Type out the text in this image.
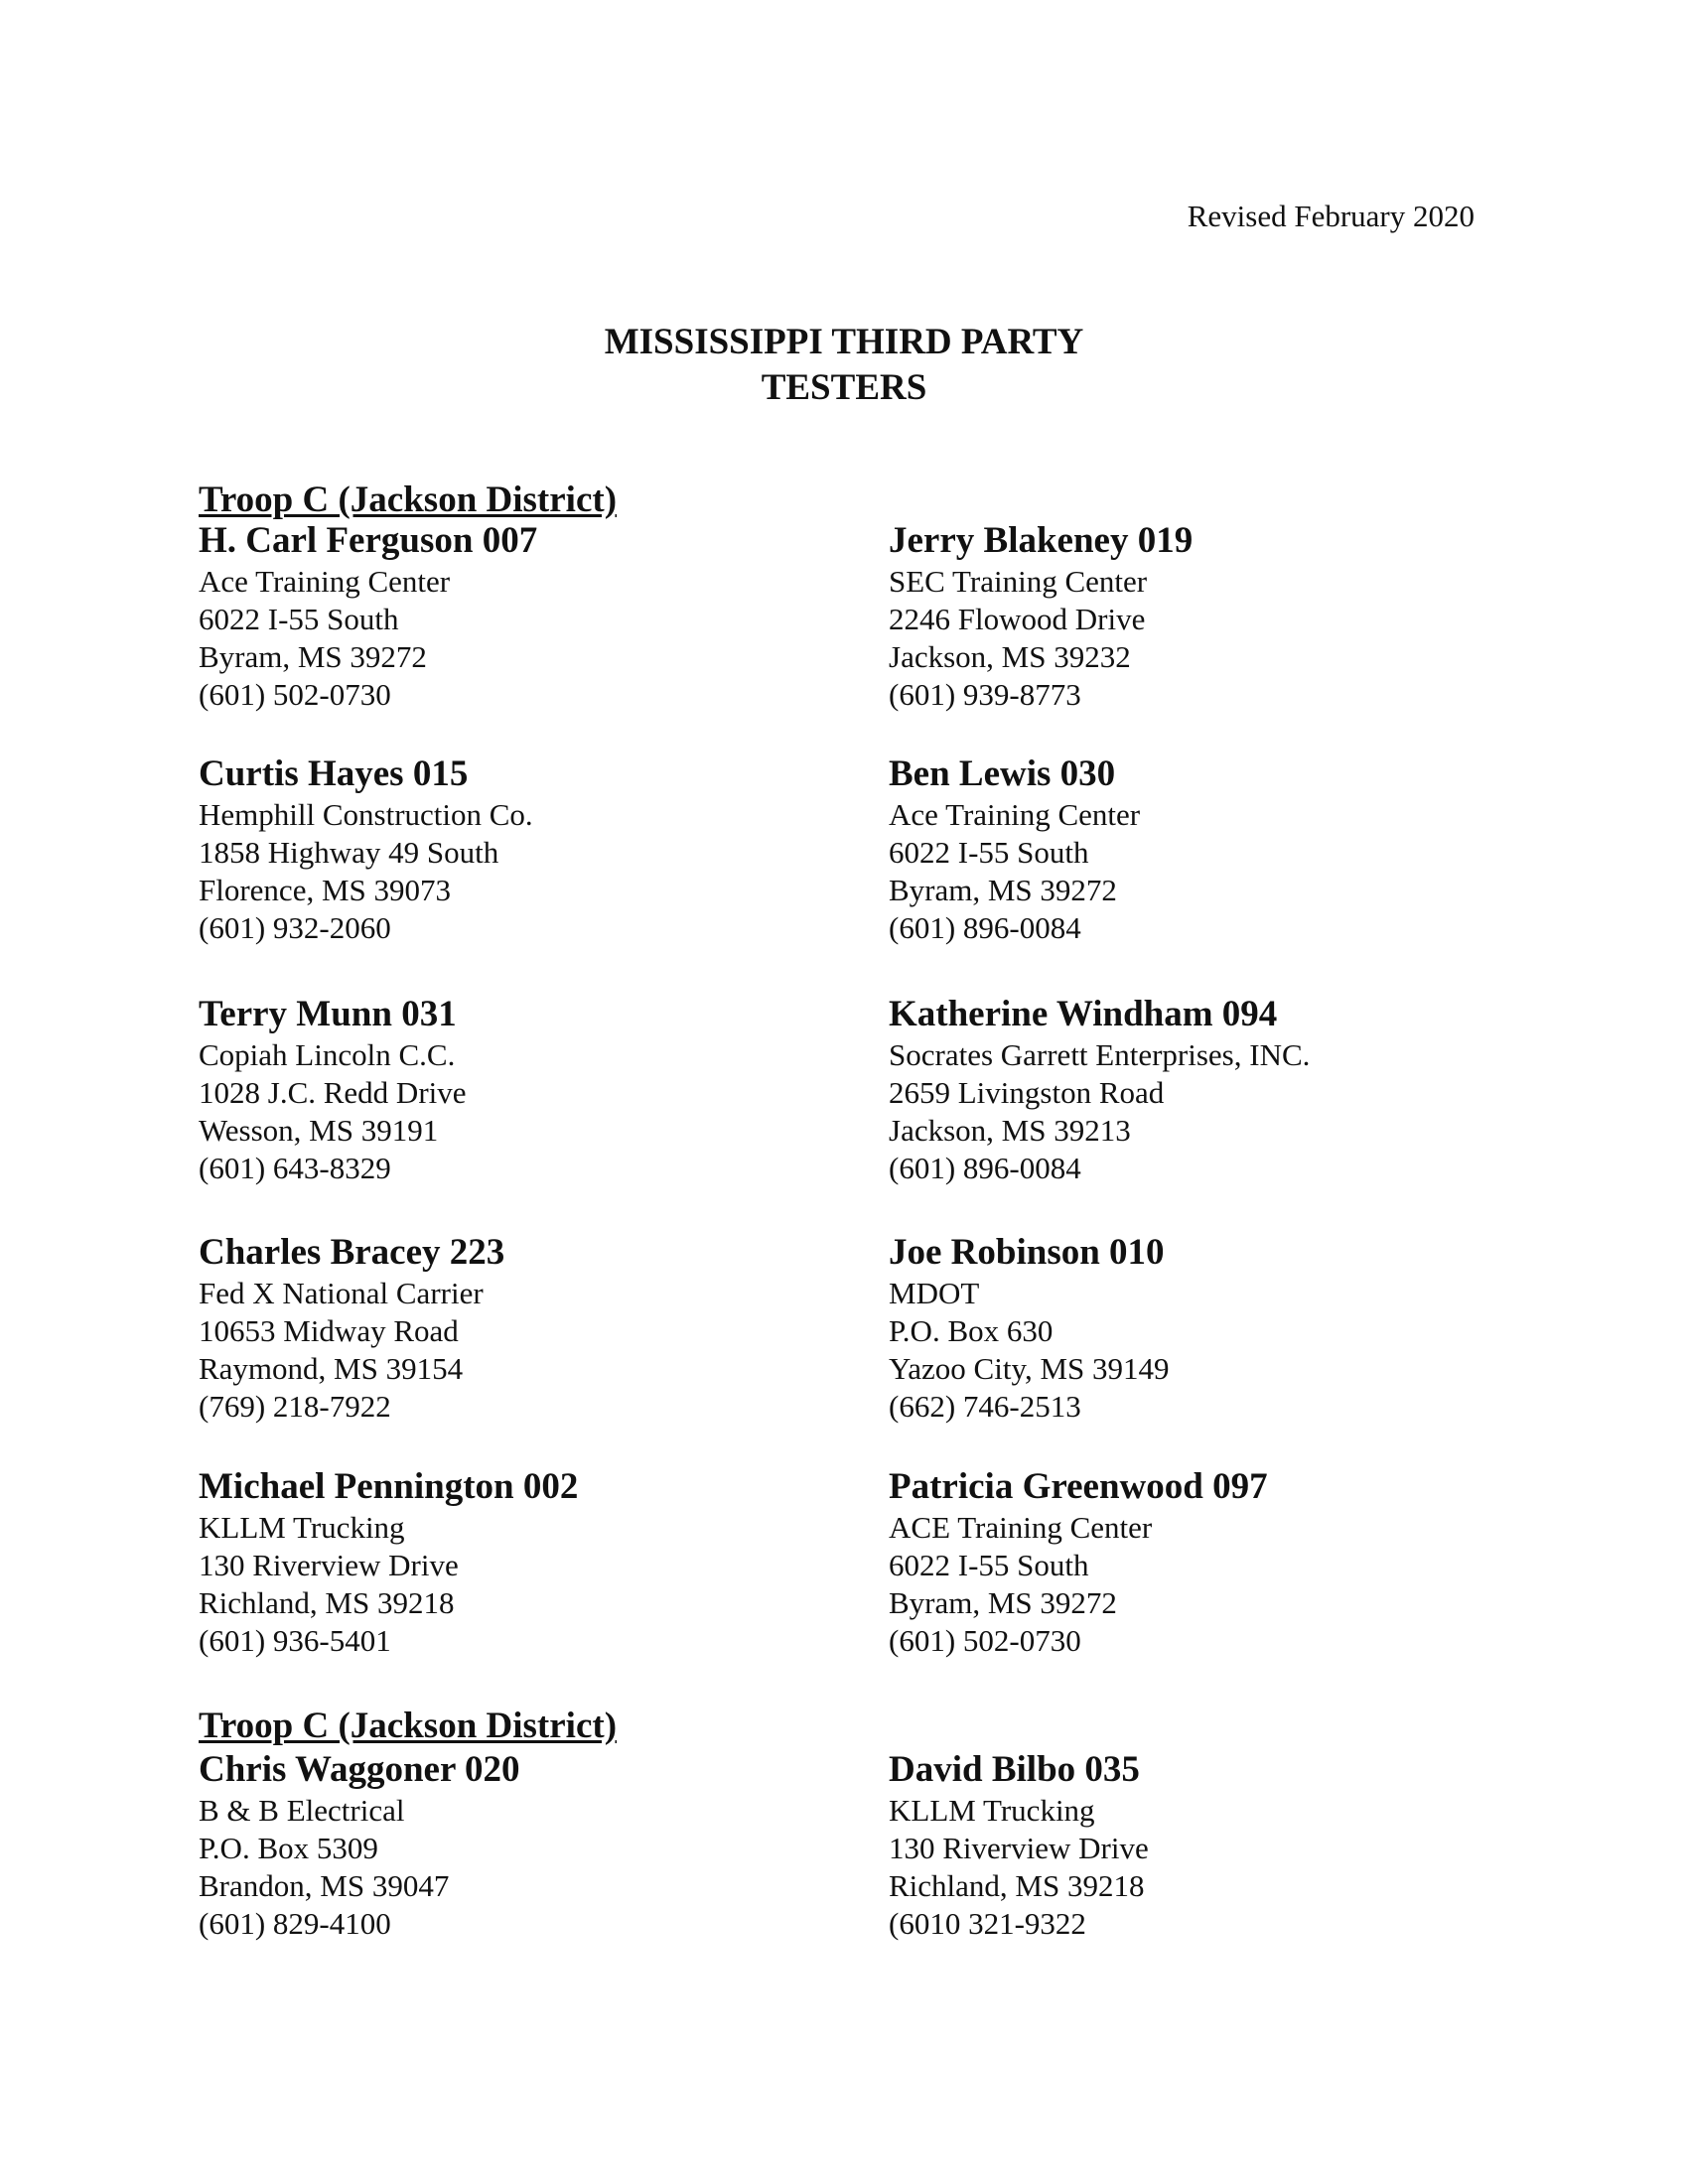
Revised February 2020
MISSISSIPPI THIRD PARTY
TESTERS
Troop C (Jackson District)
H. Carl Ferguson 007
Ace Training Center
6022 I-55 South
Byram, MS 39272
(601) 502-0730
Jerry Blakeney 019
SEC Training Center
2246 Flowood Drive
Jackson, MS 39232
(601) 939-8773
Curtis Hayes 015
Hemphill Construction Co.
1858 Highway 49 South
Florence, MS 39073
(601) 932-2060
Ben Lewis 030
Ace Training Center
6022 I-55 South
Byram, MS 39272
(601) 896-0084
Terry Munn 031
Copiah Lincoln C.C.
1028 J.C. Redd Drive
Wesson, MS 39191
(601) 643-8329
Katherine Windham 094
Socrates Garrett Enterprises, INC.
2659 Livingston Road
Jackson, MS 39213
(601) 896-0084
Charles Bracey 223
Fed X National Carrier
10653 Midway Road
Raymond, MS 39154
(769) 218-7922
Joe Robinson 010
MDOT
P.O. Box 630
Yazoo City, MS 39149
(662) 746-2513
Michael Pennington 002
KLLM Trucking
130 Riverview Drive
Richland, MS 39218
(601) 936-5401
Patricia Greenwood 097
ACE Training Center
6022 I-55 South
Byram, MS 39272
(601) 502-0730
Troop C (Jackson District)
Chris Waggoner 020
B & B Electrical
P.O. Box 5309
Brandon, MS 39047
(601) 829-4100
David Bilbo 035
KLLM Trucking
130 Riverview Drive
Richland, MS 39218
(6010 321-9322
